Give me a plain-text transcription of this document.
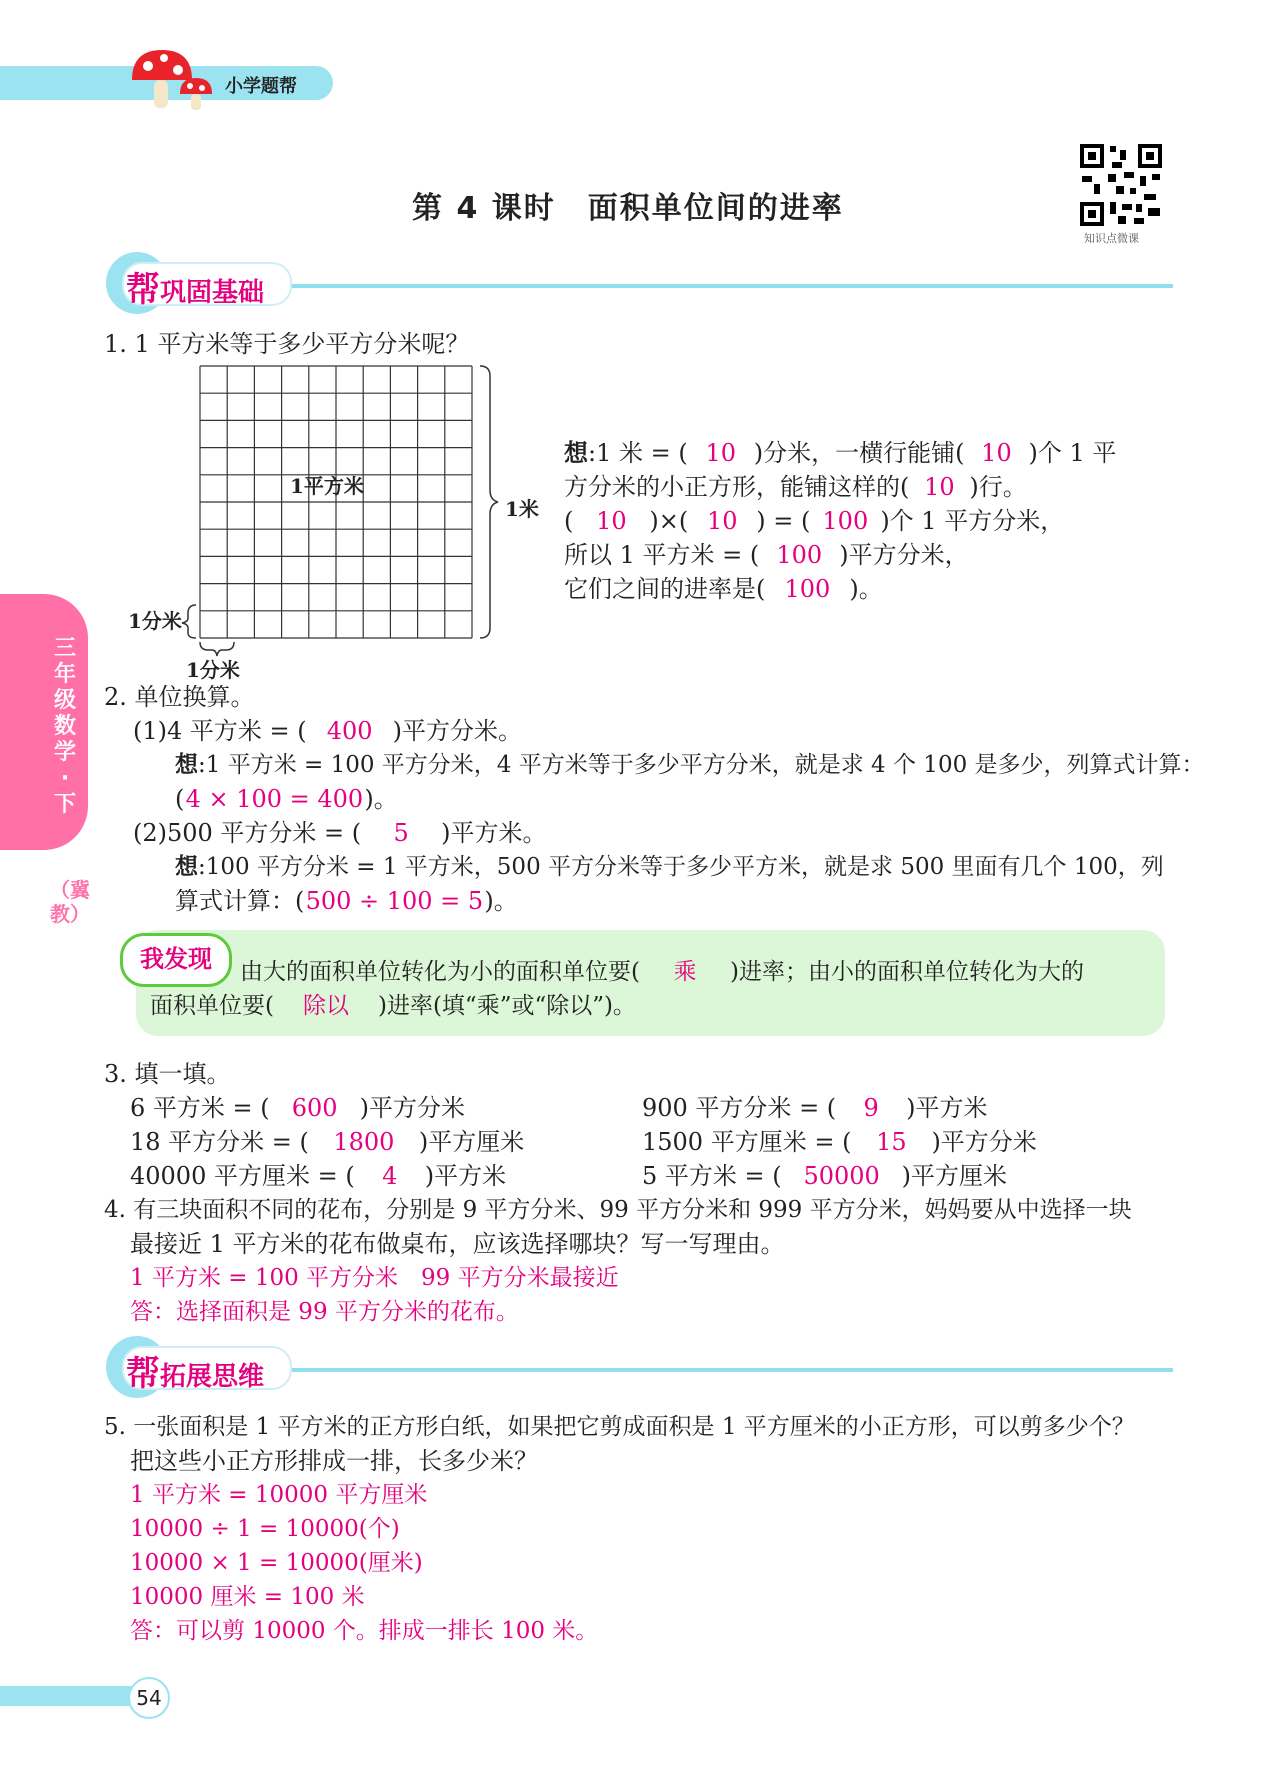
小学题帮
第 4 课时　面积单位间的进率
知识点微课
帮巩固基础
三年级数学·下
（冀教）
1. 1 平方米等于多少平方分米呢？
1平方米
1米
1分米
1分米
想:1 米 = ( 10 )分米，一横行能铺( 10 )个 1 平
方分米的小正方形，能铺这样的( 10 )行。
( 10 )×( 10 ) = ( 100 )个 1 平方分米，
所以 1 平方米 = ( 100 )平方分米，
它们之间的进率是( 100 )。
2. 单位换算。
(1)4 平方米 = ( 400 )平方分米。
想:1 平方米 = 100 平方分米，4 平方米等于多少平方分米，就是求 4 个 100 是多少，列算式计算：
(4 × 100 = 400)。
(2)500 平方分米 = ( 5 )平方米。
想:100 平方分米 = 1 平方米，500 平方分米等于多少平方米，就是求 500 里面有几个 100，列
算式计算：(500 ÷ 100 = 5)。
我发现	由大的面积单位转化为小的面积单位要( 乘 )进率；由小的面积单位转化为大的
面积单位要( 除以 )进率(填“乘”或“除以”)。
3. 填一填。
6 平方米 = ( 600 )平方分米
18 平方分米 = ( 1800 )平方厘米
40000 平方厘米 = ( 4 )平方米
900 平方分米 = ( 9 )平方米
1500 平方厘米 = ( 15 )平方分米
5 平方米 = ( 50000 )平方厘米
4. 有三块面积不同的花布，分别是 9 平方分米、99 平方分米和 999 平方分米，妈妈要从中选择一块
最接近 1 平方米的花布做桌布，应该选择哪块？写一写理由。
1 平方米 = 100 平方分米　99 平方分米最接近
答：选择面积是 99 平方分米的花布。
帮拓展思维
5. 一张面积是 1 平方米的正方形白纸，如果把它剪成面积是 1 平方厘米的小正方形，可以剪多少个？
把这些小正方形排成一排，长多少米？
1 平方米 = 10000 平方厘米
10000 ÷ 1 = 10000(个)
10000 × 1 = 10000(厘米)
10000 厘米 = 100 米
答：可以剪 10000 个。排成一排长 100 米。
54
